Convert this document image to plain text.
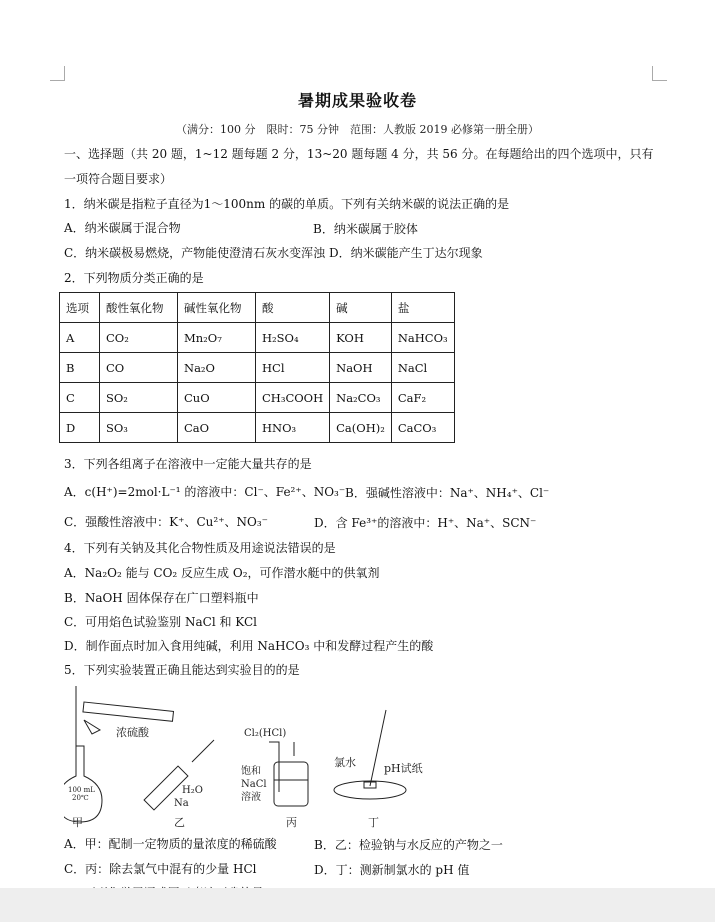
暑期成果验收卷
（满分：100 分　限时：75 分钟　范围：人教版 2019 必修第一册全册）
一、选择题（共 20 题，1~12 题每题 2 分，13~20 题每题 4 分，共 56 分。在每题给出的四个选项中，只有
一项符合题目要求）
1．纳米碳是指粒子直径为1～100nm 的碳的单质。下列有关纳米碳的说法正确的是
A．纳米碳属于混合物	B．纳米碳属于胶体
C．纳米碳极易燃烧，产物能使澄清石灰水变浑浊 D．纳米碳能产生丁达尔现象
2．下列物质分类正确的是
选项	酸性氧化物	碱性氧化物	酸	碱	盐
A	CO₂	Mn₂O₇	H₂SO₄	KOH	NaHCO₃
B	CO	Na₂O	HCl	NaOH	NaCl
C	SO₂	CuO	CH₃COOH	Na₂CO₃	CaF₂
D	SO₃	CaO	HNO₃	Ca(OH)₂	CaCO₃
3．下列各组离子在溶液中一定能大量共存的是
A．c(H⁺)=2mol·L⁻¹ 的溶液中：Cl⁻、Fe²⁺、NO₃⁻ B．强碱性溶液中：Na⁺、NH₄⁺、Cl⁻
C．强酸性溶液中：K⁺、Cu²⁺、NO₃⁻	D．含 Fe³⁺的溶液中：H⁺、Na⁺、SCN⁻
4．下列有关钠及其化合物性质及用途说法错误的是
A．Na₂O₂ 能与 CO₂ 反应生成 O₂，可作潜水艇中的供氧剂
B．NaOH 固体保存在广口塑料瓶中
C．可用焰色试验鉴别 NaCl 和 KCl
D．制作面点时加入食用纯碱，利用 NaHCO₃ 中和发酵过程产生的酸
5．下列实验装置正确且能达到实验目的的是
100 mL
20℃
浓硫酸
甲
H₂O
Na
乙
Cl₂(HCl)
饱和
NaCl
溶液
丙
氯水	pH试纸
丁
A．甲：配制一定物质的量浓度的稀硫酸	B．乙：检验钠与水反应的产物之一
C．丙：除去氯气中混有的少量 HCl	D．丁：测新制氯水的 pH 值
